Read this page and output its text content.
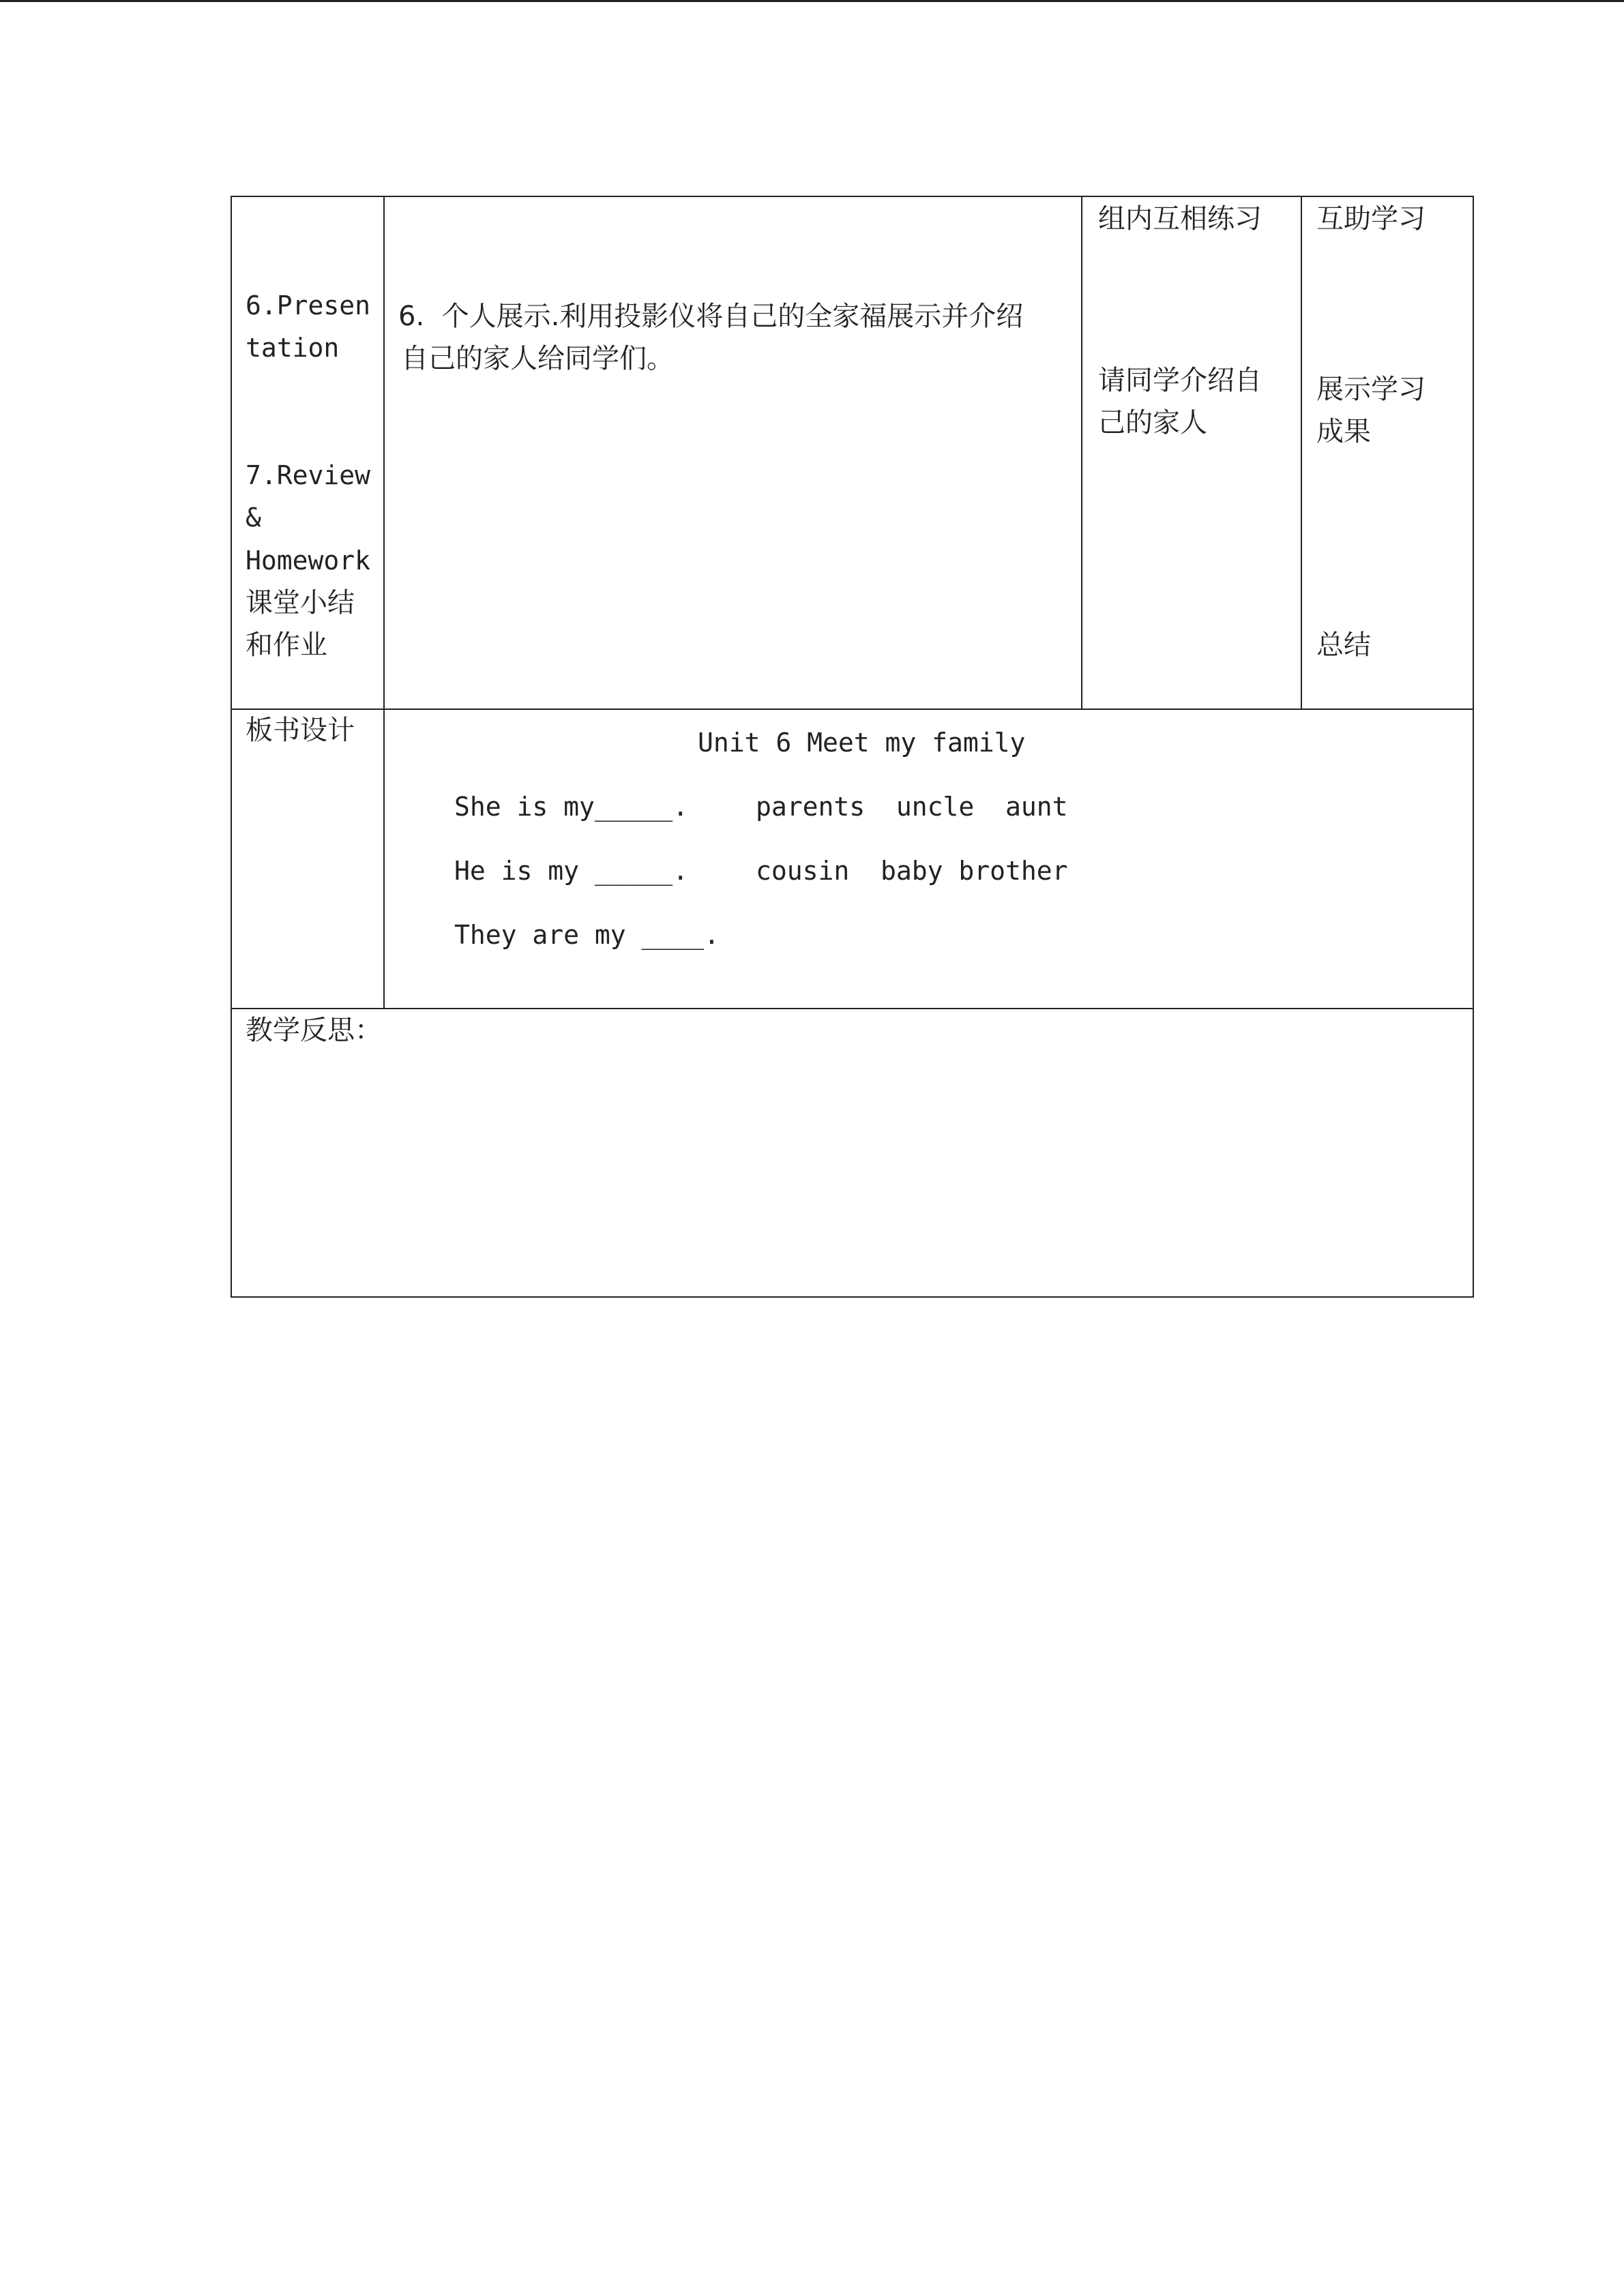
6.Presen
tation
7.Review
&
Homework
课堂小结
和作业
6.  个人展示.利用投影仪将自己的全家福展示并介绍
自己的家人给同学们。
组内互相练习
请同学介绍自
己的家人
互助学习
展示学习
成果
总结
板书设计	Unit 6 Meet my family
She is my_____.
He is my _____.
They are my ____.
parents  uncle  aunt
cousin  baby brother
教学反思：
